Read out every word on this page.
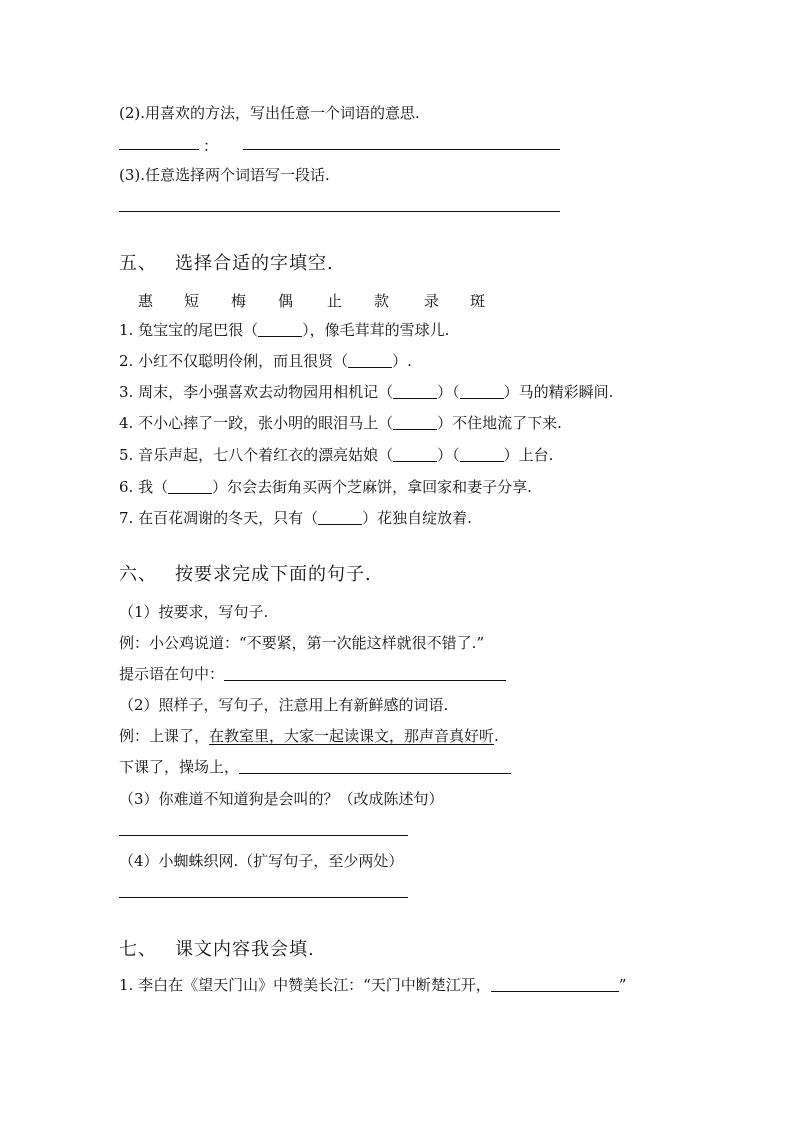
(2).用喜欢的方法，写出任意一个词语的意思.
：
(3).任意选择两个词语写一段话.
五、 选择合适的字填空.
惠 短 梅 偶 止 款 录 斑
1. 兔宝宝的尾巴很（	），像毛茸茸的雪球儿.
2. 小红不仅聪明伶俐，而且很贤（	）.
3. 周末，李小强喜欢去动物园用相机记（	）（	）马的精彩瞬间.
4. 不小心摔了一跤，张小明的眼泪马上（	）不住地流了下来.
5. 音乐声起，七八个着红衣的漂亮姑娘（	）（	）上台.
6. 我（	）尔会去街角买两个芝麻饼，拿回家和妻子分享.
7. 在百花凋谢的冬天，只有（	）花独自绽放着.
六、 按要求完成下面的句子.
（1）按要求，写句子.
例：小公鸡说道：“不要紧，第一次能这样就很不错了.”
提示语在句中：
（2）照样子，写句子，注意用上有新鲜感的词语.
例：上课了，在教室里，大家一起读课文，那声音真好听.
下课了，操场上，
（3）你难道不知道狗是会叫的？（改成陈述句）
（4）小蜘蛛织网.（扩写句子，至少两处）
七、 课文内容我会填.
1. 李白在《望天门山》中赞美长江：“天门中断楚江开，	”
